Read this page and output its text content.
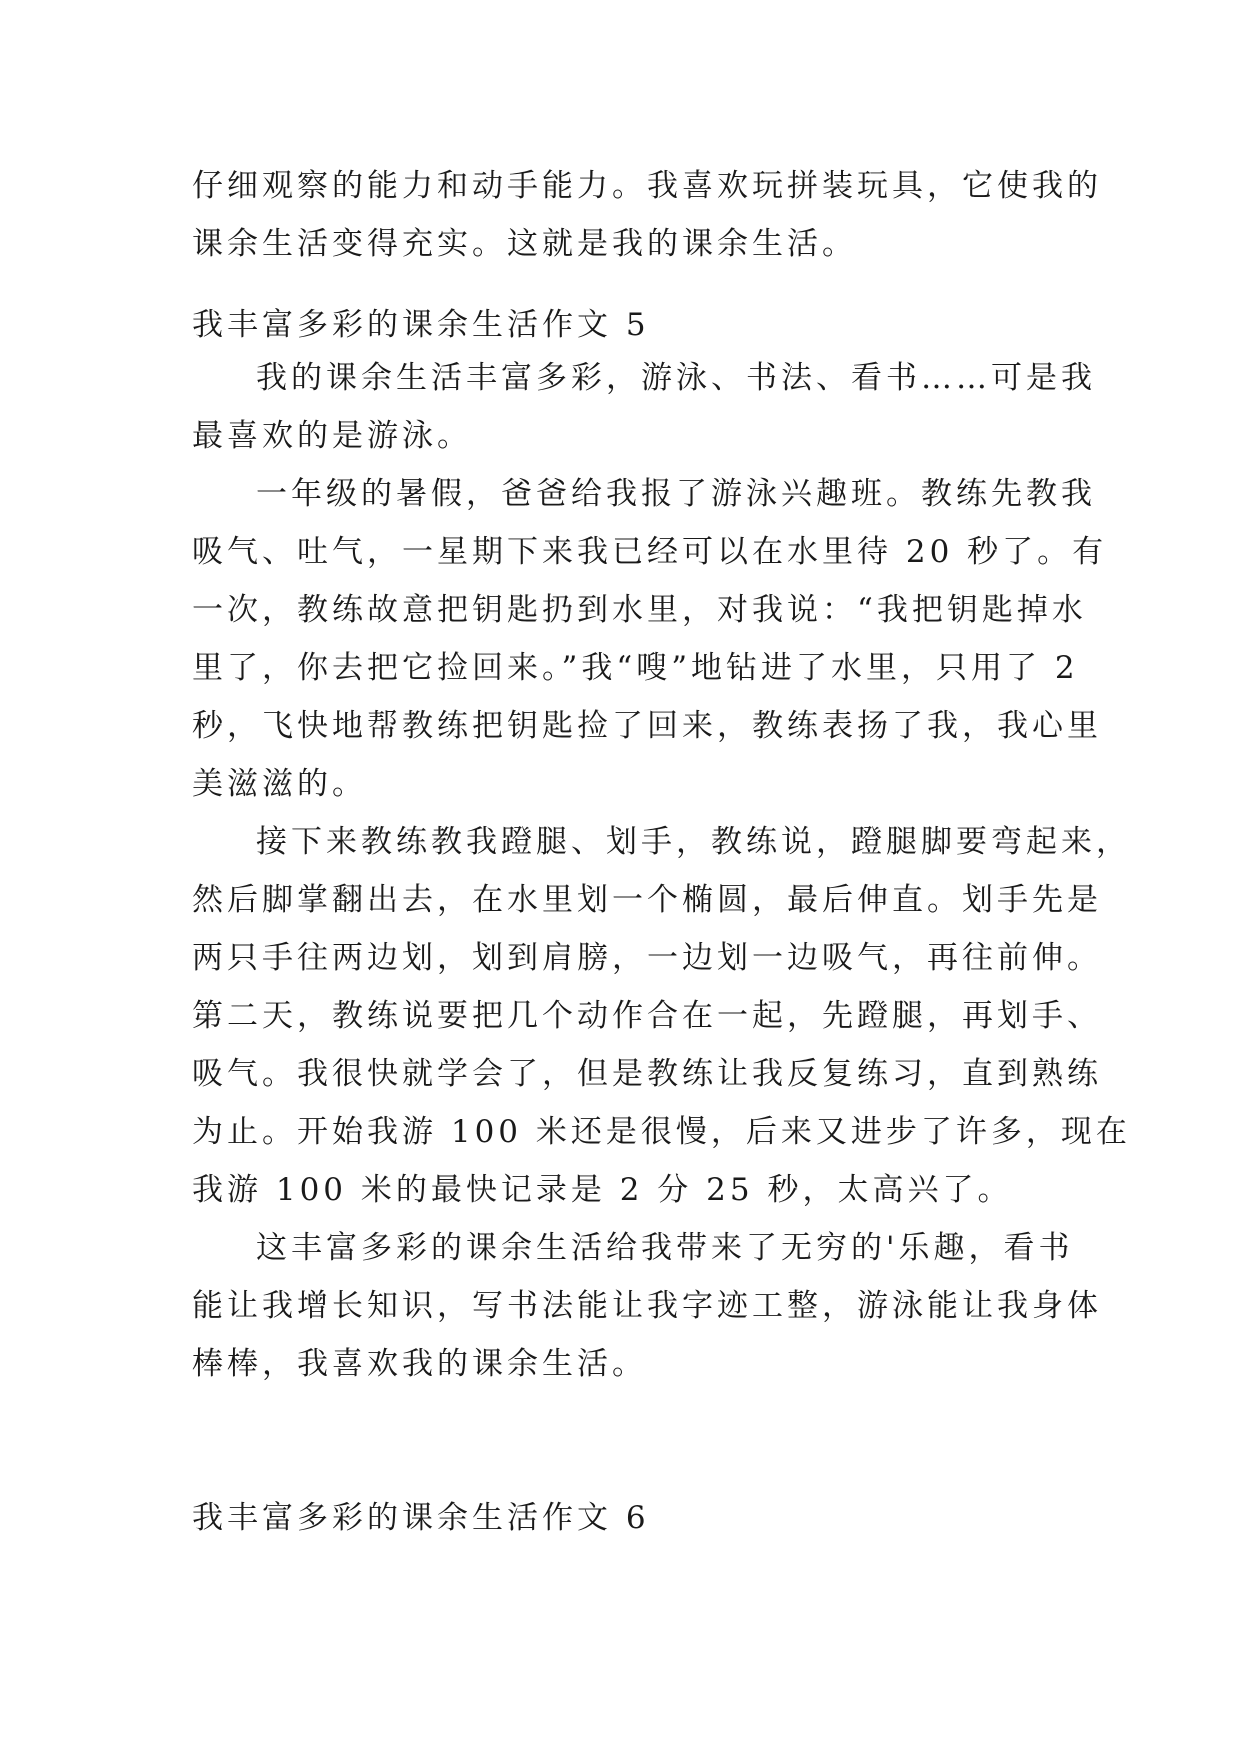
仔细观察的能力和动手能力。我喜欢玩拼装玩具，它使我的
课余生活变得充实。这就是我的课余生活。
我丰富多彩的课余生活作文 5
我的课余生活丰富多彩，游泳、书法、看书……可是我
最喜欢的是游泳。
一年级的暑假，爸爸给我报了游泳兴趣班。教练先教我
吸气、吐气，一星期下来我已经可以在水里待 20 秒了。有
一次，教练故意把钥匙扔到水里，对我说：“我把钥匙掉水
里了，你去把它捡回来。”我“嗖”地钻进了水里，只用了 2
秒，飞快地帮教练把钥匙捡了回来，教练表扬了我，我心里
美滋滋的。
接下来教练教我蹬腿、划手，教练说，蹬腿脚要弯起来，
然后脚掌翻出去，在水里划一个椭圆，最后伸直。划手先是
两只手往两边划，划到肩膀，一边划一边吸气，再往前伸。
第二天，教练说要把几个动作合在一起，先蹬腿，再划手、
吸气。我很快就学会了，但是教练让我反复练习，直到熟练
为止。开始我游 100 米还是很慢，后来又进步了许多，现在
我游 100 米的最快记录是 2 分 25 秒，太高兴了。
这丰富多彩的课余生活给我带来了无穷的'乐趣，看书
能让我增长知识，写书法能让我字迹工整，游泳能让我身体
棒棒，我喜欢我的课余生活。
我丰富多彩的课余生活作文 6
